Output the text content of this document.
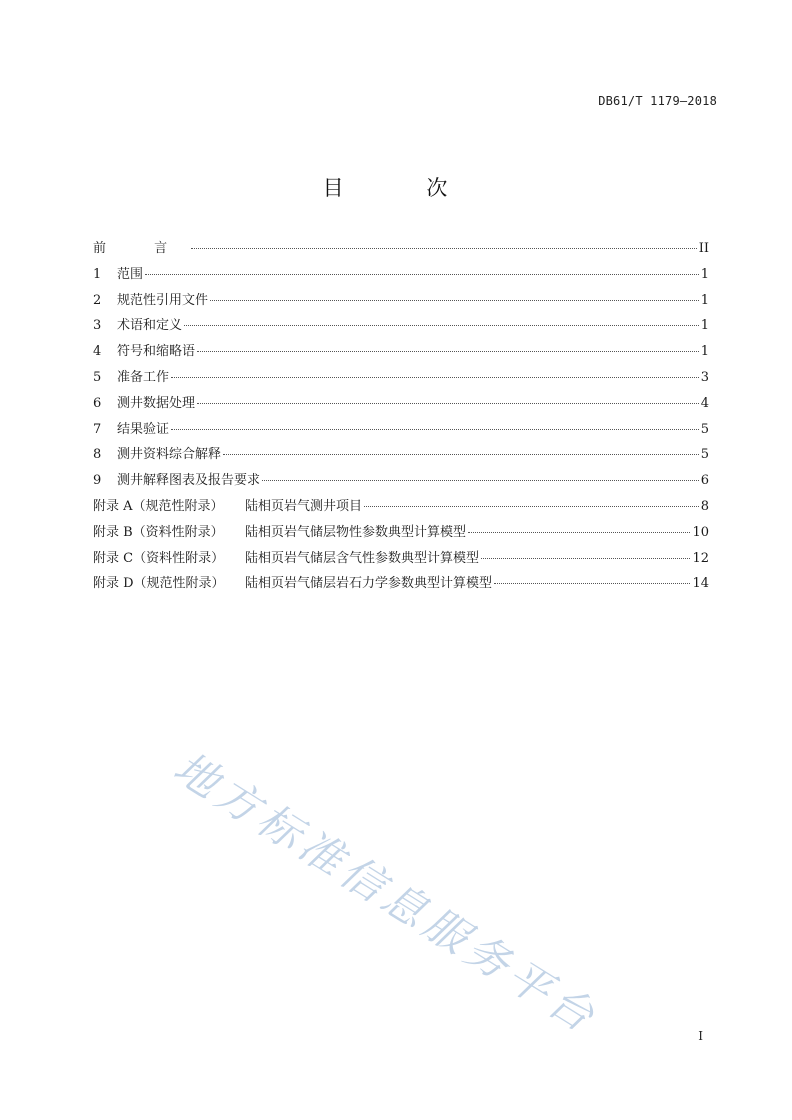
DB61/T 1179—2018
目 次
前 言	II
1	范围	1
2	规范性引用文件	1
3	术语和定义	1
4	符号和缩略语	1
5	准备工作	3
6	测井数据处理	4
7	结果验证	5
8	测井资料综合解释	5
9	测井解释图表及报告要求	6
附录 A（规范性附录）	陆相页岩气测井项目	8
附录 B（资料性附录）	陆相页岩气储层物性参数典型计算模型	10
附录 C（资料性附录）	陆相页岩气储层含气性参数典型计算模型	12
附录 D（规范性附录）	陆相页岩气储层岩石力学参数典型计算模型	14
地方标准信息服务平台	I
